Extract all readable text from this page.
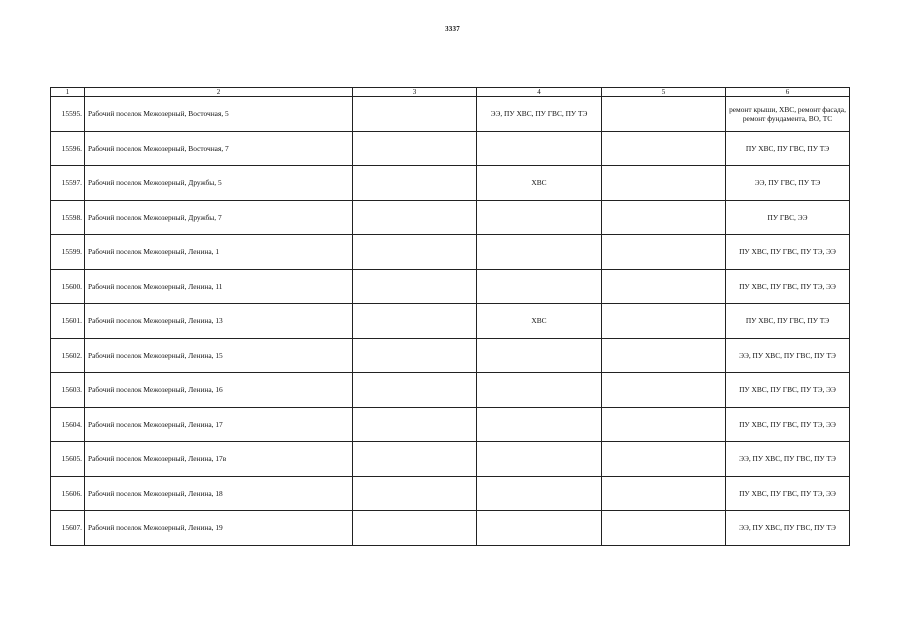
3337
1	2	3	4	5	6
15595.	Рабочий поселок Межозерный, Восточная, 5		ЭЭ, ПУ ХВС, ПУ ГВС, ПУ ТЭ		ремонт крыши, ХВС, ремонт фасада, ремонт фундамента, ВО, ТС
15596.	Рабочий поселок Межозерный, Восточная, 7				ПУ ХВС, ПУ ГВС, ПУ ТЭ
15597.	Рабочий поселок Межозерный, Дружбы, 5		ХВС		ЭЭ, ПУ ГВС, ПУ ТЭ
15598.	Рабочий поселок Межозерный, Дружбы, 7				ПУ ГВС, ЭЭ
15599.	Рабочий поселок Межозерный, Ленина, 1				ПУ ХВС, ПУ ГВС, ПУ ТЭ, ЭЭ
15600.	Рабочий поселок Межозерный, Ленина, 11				ПУ ХВС, ПУ ГВС, ПУ ТЭ, ЭЭ
15601.	Рабочий поселок Межозерный, Ленина, 13		ХВС		ПУ ХВС, ПУ ГВС, ПУ ТЭ
15602.	Рабочий поселок Межозерный, Ленина, 15				ЭЭ, ПУ ХВС, ПУ ГВС, ПУ ТЭ
15603.	Рабочий поселок Межозерный, Ленина, 16				ПУ ХВС, ПУ ГВС, ПУ ТЭ, ЭЭ
15604.	Рабочий поселок Межозерный, Ленина, 17				ПУ ХВС, ПУ ГВС, ПУ ТЭ, ЭЭ
15605.	Рабочий поселок Межозерный, Ленина, 17в				ЭЭ, ПУ ХВС, ПУ ГВС, ПУ ТЭ
15606.	Рабочий поселок Межозерный, Ленина, 18				ПУ ХВС, ПУ ГВС, ПУ ТЭ, ЭЭ
15607.	Рабочий поселок Межозерный, Ленина, 19				ЭЭ, ПУ ХВС, ПУ ГВС, ПУ ТЭ
